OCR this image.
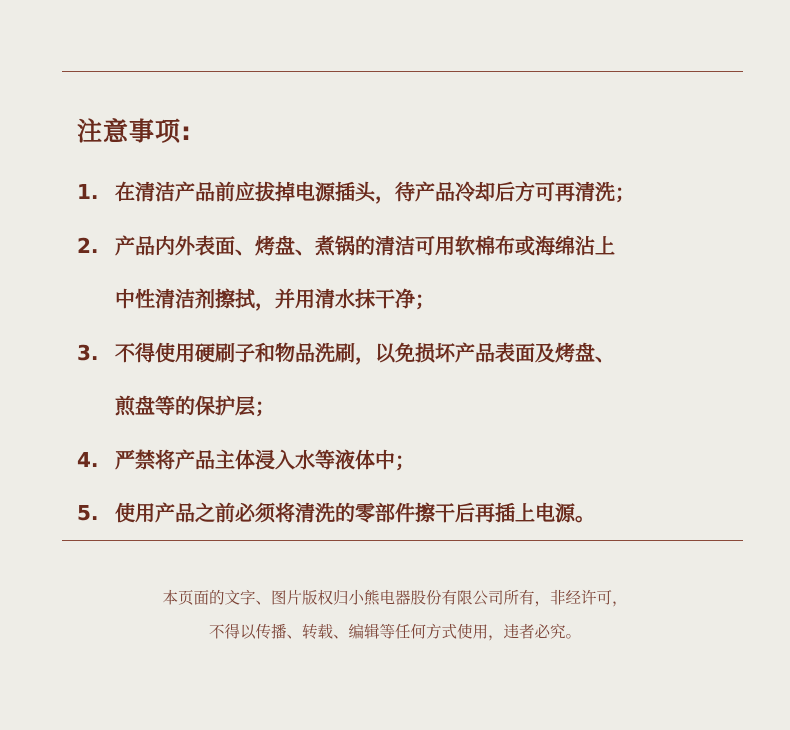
注意事项:
1. 在清洁产品前应拔掉电源插头，待产品冷却后方可再清洗；
2. 产品内外表面、烤盘、煮锅的清洁可用软棉布或海绵沾上
中性清洁剂擦拭，并用清水抹干净；
3. 不得使用硬刷子和物品洗刷，以免损坏产品表面及烤盘、
煎盘等的保护层；
4. 严禁将产品主体浸入水等液体中；
5. 使用产品之前必须将清洗的零部件擦干后再插上电源。
本页面的文字、图片版权归小熊电器股份有限公司所有，非经许可，
不得以传播、转载、编辑等任何方式使用，违者必究。
